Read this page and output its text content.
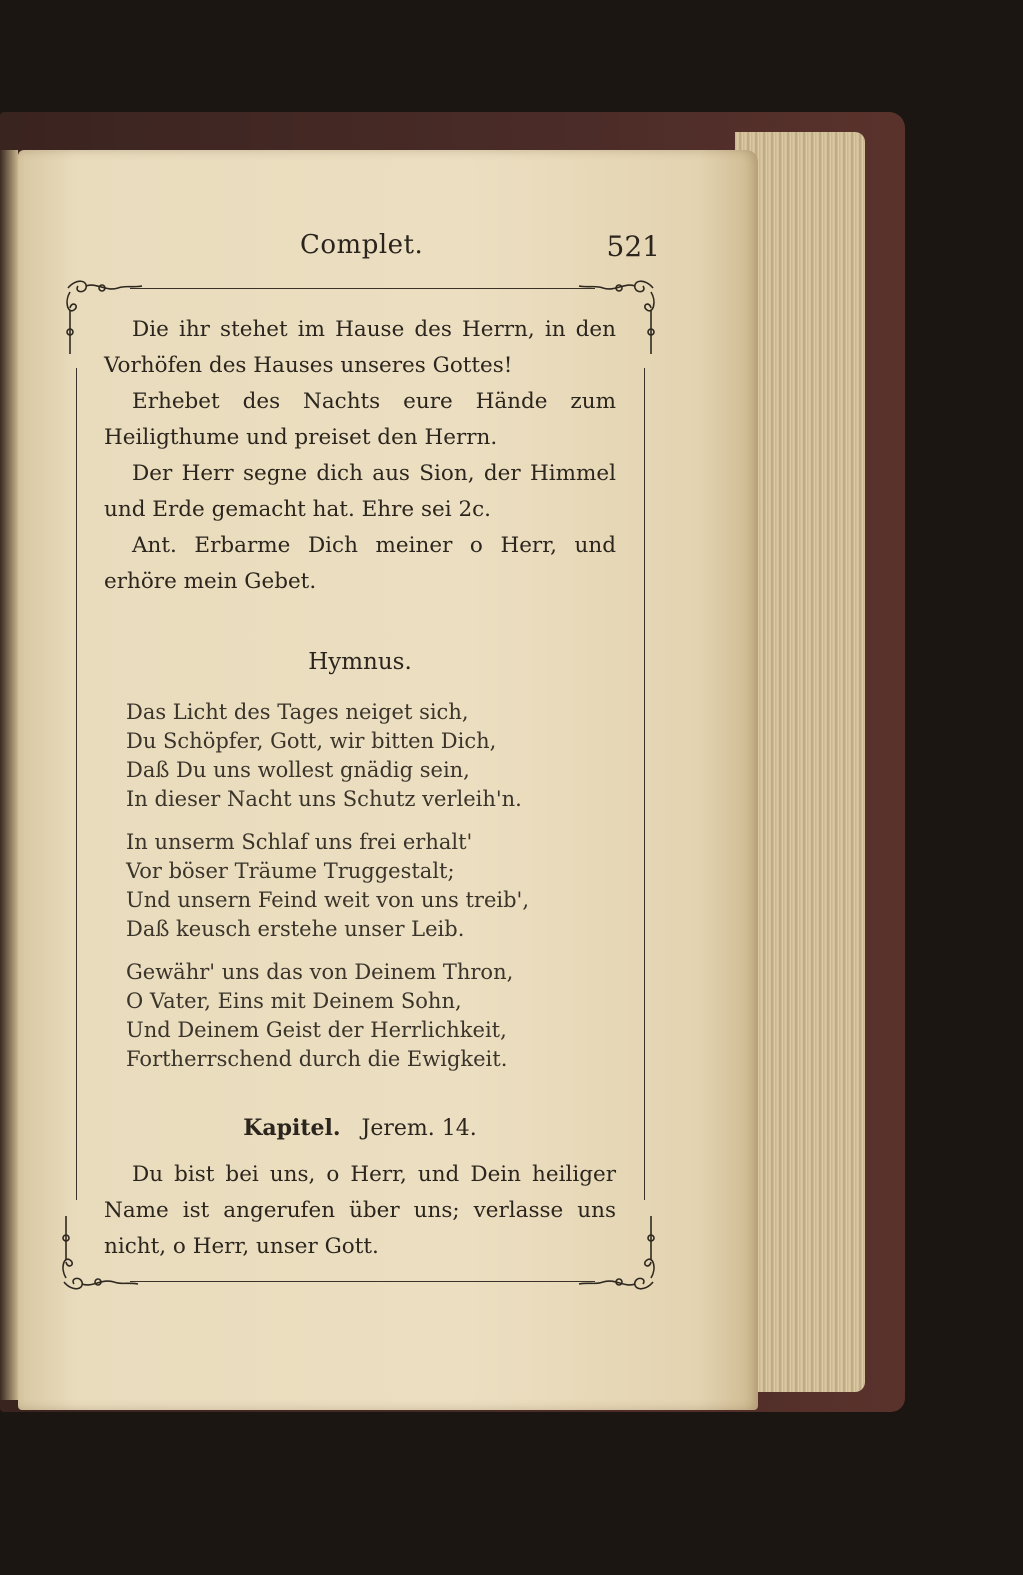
Complet.	521

Die ihr stehet im Hause des Herrn, in den Vorhöfen des Hauses unseres Gottes!

Erhebet des Nachts eure Hände zum Heiligthume und preiset den Herrn.

Der Herr segne dich aus Sion, der Himmel und Erde gemacht hat. Ehre sei 2c.

Ant. Erbarme Dich meiner o Herr, und erhöre mein Gebet.

Hymnus.
Das Licht des Tages neiget sich,
Du Schöpfer, Gott, wir bitten Dich,
Daß Du uns wollest gnädig sein,
In dieser Nacht uns Schutz verleih'n.
In unserm Schlaf uns frei erhalt'
Vor böser Träume Truggestalt;
Und unsern Feind weit von uns treib',
Daß keusch erstehe unser Leib.
Gewähr' uns das von Deinem Thron,
O Vater, Eins mit Deinem Sohn,
Und Deinem Geist der Herrlichkeit,
Fortherrschend durch die Ewigkeit.
Kapitel. Jerem. 14.

Du bist bei uns, o Herr, und Dein heiliger Name ist angerufen über uns; verlasse uns nicht, o Herr, unser Gott.
